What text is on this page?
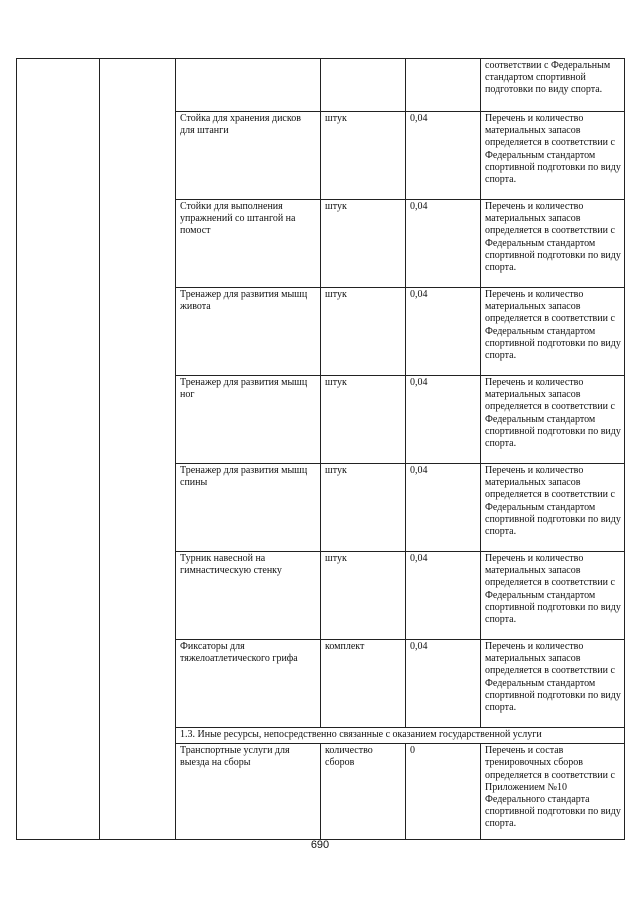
					соответствии с Федеральным стандартом спортивной подготовки по виду спорта.
		Стойка для хранения дисков для штанги	штук	0,04	Перечень и количество материальных запасов определяется в соответствии с Федеральным стандартом спортивной подготовки по виду спорта.
		Стойки для выполнения упражнений со штангой на помост	штук	0,04	Перечень и количество материальных запасов определяется в соответствии с Федеральным стандартом спортивной подготовки по виду спорта.
		Тренажер для развития мышц живота	штук	0,04	Перечень и количество материальных запасов определяется в соответствии с Федеральным стандартом спортивной подготовки по виду спорта.
		Тренажер для развития мышц ног	штук	0,04	Перечень и количество материальных запасов определяется в соответствии с Федеральным стандартом спортивной подготовки по виду спорта.
		Тренажер для развития мышц спины	штук	0,04	Перечень и количество материальных запасов определяется в соответствии с Федеральным стандартом спортивной подготовки по виду спорта.
		Турник навесной на гимнастическую стенку	штук	0,04	Перечень и количество материальных запасов определяется в соответствии с Федеральным стандартом спортивной подготовки по виду спорта.
		Фиксаторы для тяжелоатлетического грифа	комплект	0,04	Перечень и количество материальных запасов определяется в соответствии с Федеральным стандартом спортивной подготовки по виду спорта.
		1.3. Иные ресурсы, непосредственно связанные с оказанием государственной услуги			
		Транспортные услуги для выезда на сборы	количество сборов	0	Перечень и состав тренировочных сборов определяется в соответствии с Приложением №10 Федерального стандарта спортивной подготовки по виду спорта.
690
